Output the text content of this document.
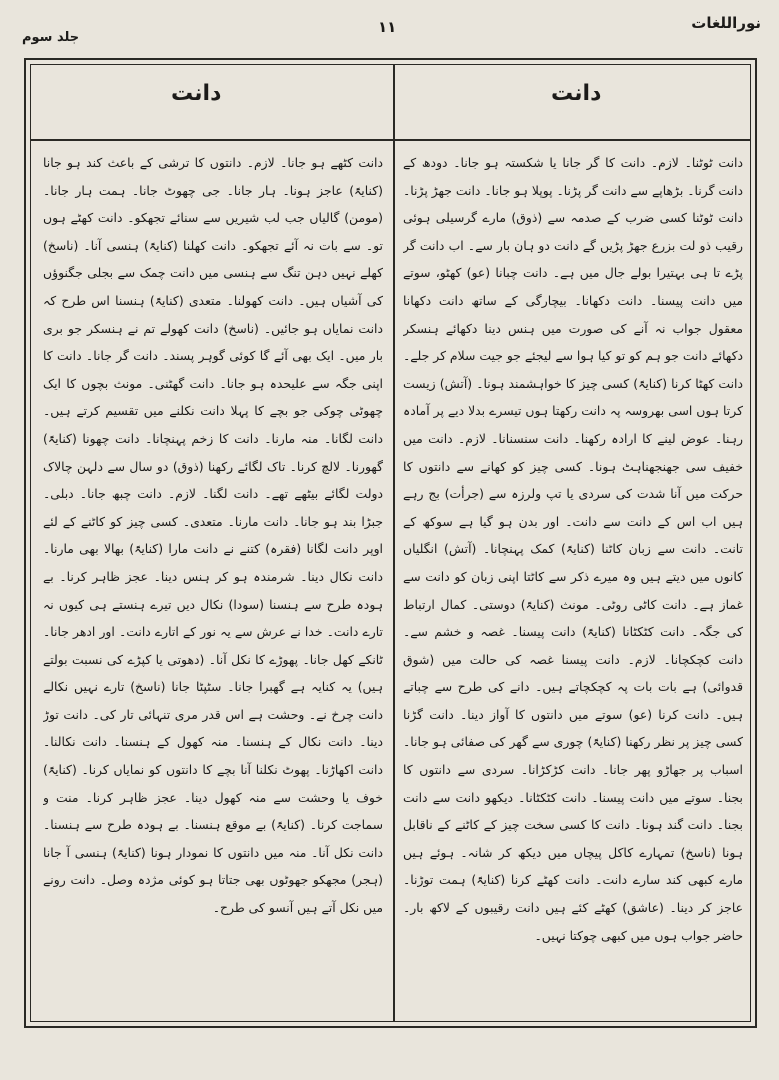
نوراللغات
۱۱
جلد سوم
دانت
دانت

دانت ٹوٹنا۔ لازم۔ دانت کا گر جانا یا شکستہ ہو جانا۔ دودھ کے دانت گرنا۔ بڑھاپے سے دانت گر پڑنا۔ پوپلا ہو جانا۔ دانت جھڑ پڑنا۔ دانت ٹوٹنا کسی ضرب کے صدمہ سے (ذوق) مارے گرسیلی ہوئی رقیب ذو لت بزرع جھڑ پڑیں گے دانت دو ہان بار سے۔ اب دانت گر پڑے تا ہی بہتیرا بولے جال میں ہے۔ دانت چبانا (عو) کھٹو، سوتے میں دانت پیسنا۔ دانت دکھانا۔ بیچارگی کے ساتھ دانت دکھانا معقول جواب نہ آنے کی صورت میں ہنس دینا دکھائے ہنسکر دکھائے دانت جو ہم کو تو کیا ہوا سے لیجئے جو جیت سلام کر جلے۔ دانت کھٹا کرنا (کنایۃً) کسی چیز کا خواہشمند ہونا۔ (آتش) زیست کرتا ہوں اسی بھروسہ پہ دانت رکھتا ہوں تیسرے بدلا دیے پر آمادہ رہنا۔ عوض لینے کا ارادہ رکھنا۔ دانت سنسنانا۔ لازم۔ دانت میں خفیف سی جھنجھناہٹ ہونا۔ کسی چیز کو کھانے سے دانتوں کا حرکت میں آنا شدت کی سردی یا تپ ولرزہ سے (جرأت) بج رہے ہیں اب اس کے دانت سے دانت۔ اور بدن ہو گیا ہے سوکھ کے تانت۔ دانت سے زبان کاٹنا (کنایۃً) کمک پہنچانا۔ (آتش) انگلیاں کانوں میں دیتے ہیں وہ میرے ذکر سے کاٹتا اپنی زبان کو دانت سے غماز ہے۔ دانت کاٹی روٹی۔ مونث (کنایۃً) دوستی۔ کمال ارتباط کی جگہ۔ دانت کٹکٹانا (کنایۃً) دانت پیسنا۔ غصہ و خشم سے۔ دانت کچکچانا۔ لازم۔ دانت پیسنا غصہ کی حالت میں (شوق قدوائی) ہے بات بات پہ کچکچاتے ہیں۔ دانے کی طرح سے چباتے ہیں۔ دانت کرنا (عو) سوتے میں دانتوں کا آواز دینا۔ دانت گڑنا کسی چیز پر نظر رکھنا (کنایۃً) چوری سے گھر کی صفائی ہو جانا۔ اسباب پر جھاڑو پھر جانا۔ دانت کڑکڑانا۔ سردی سے دانتوں کا بجنا۔ سوتے میں دانت پیسنا۔ دانت کٹکٹانا۔ دیکھو دانت سے دانت بجنا۔ دانت گند ہونا۔ دانت کا کسی سخت چیز کے کاٹنے کے ناقابل ہونا (ناسخ) تمہارے کاکل پیچاں میں دیکھ کر شانہ۔ ہوئے ہیں مارے کبھی کند سارے دانت۔ دانت کھٹے کرنا (کنایۃً) ہمت توڑنا۔ عاجز کر دینا۔ (عاشق) کھٹے کئے ہیں دانت رقیبوں کے لاکھ بار۔ حاضر جواب ہوں میں کبھی چوکتا نہیں۔

دانت کٹھے ہو جانا۔ لازم۔ دانتوں کا ترشی کے باعث کند ہو جانا (کنایۃً) عاجز ہونا۔ ہار جانا۔ جی چھوٹ جانا۔ ہمت ہار جانا۔ (مومن) گالیاں جب لب شیریں سے سنائے تجھکو۔ دانت کھٹے ہوں تو۔ سے بات نہ آئے تجھکو۔ دانت کھلنا (کنایۃً) ہنسی آنا۔ (ناسخ) کھلے نہیں دہن تنگ سے ہنسی میں دانت چمک سے بجلی جگنوؤں کی آشیاں ہیں۔ دانت کھولنا۔ متعدی (کنایۃً) ہنسنا اس طرح کہ دانت نمایاں ہو جائیں۔ (ناسخ) دانت کھولے تم نے ہنسکر جو بری بار میں۔ ایک بھی آئے گا کوئی گوہر پسند۔ دانت گر جانا۔ دانت کا اپنی جگہ سے علیحدہ ہو جانا۔ دانت گھٹنی۔ مونث بچوں کا ایک چھوٹی چوکی جو بچے کا پہلا دانت نکلنے میں تقسیم کرتے ہیں۔ دانت لگانا۔ منہ مارنا۔ دانت کا زخم پہنچانا۔ دانت چھونا (کنایۃً) گھورنا۔ لالچ کرنا۔ تاک لگائے رکھنا (ذوق) دو سال سے دلہن چالاک دولت لگائے بیٹھے تھے۔ دانت لگنا۔ لازم۔ دانت چبھ جانا۔ دبلی۔ جبڑا بند ہو جانا۔ دانت مارنا۔ متعدی۔ کسی چیز کو کاٹنے کے لئے اوپر دانت لگانا (فقرہ) کتنے نے دانت مارا (کنایۃً) بھالا بھی مارنا۔ دانت نکال دینا۔ شرمندہ ہو کر ہنس دینا۔ عجز ظاہر کرنا۔ بے ہودہ طرح سے ہنسنا (سودا) نکال دیں تیرے ہنستے ہی کیوں نہ تارے دانت۔ خدا نے عرش سے یہ نور کے اتارے دانت۔ اور ادھر جانا۔ ٹانکے کھل جانا۔ پھوڑے کا نکل آنا۔ (دھوتی یا کپڑے کی نسبت بولتے ہیں) یہ کنایہ ہے گھبرا جانا۔ سٹپٹا جانا (ناسخ) تارے نہیں نکالے دانت چرخ نے۔ وحشت ہے اس قدر مری تنہائی تار کی۔ دانت توڑ دینا۔ دانت نکال کے ہنسنا۔ منہ کھول کے ہنسنا۔ دانت نکالنا۔ دانت اکھاڑنا۔ پھوٹ نکلنا آنا بچے کا دانتوں کو نمایاں کرنا۔ (کنایۃً) خوف یا وحشت سے منہ کھول دینا۔ عجز ظاہر کرنا۔ منت و سماجت کرنا۔ (کنایۃً) بے موقع ہنسنا۔ بے ہودہ طرح سے ہنسنا۔ دانت نکل آنا۔ منہ میں دانتوں کا نمودار ہونا (کنایۃً) ہنسی آ جانا (ہجر) مجھکو جھوٹوں بھی جتاتا ہو کوئی مژدہ وصل۔ دانت رونے میں نکل آتے ہیں آنسو کی طرح۔
